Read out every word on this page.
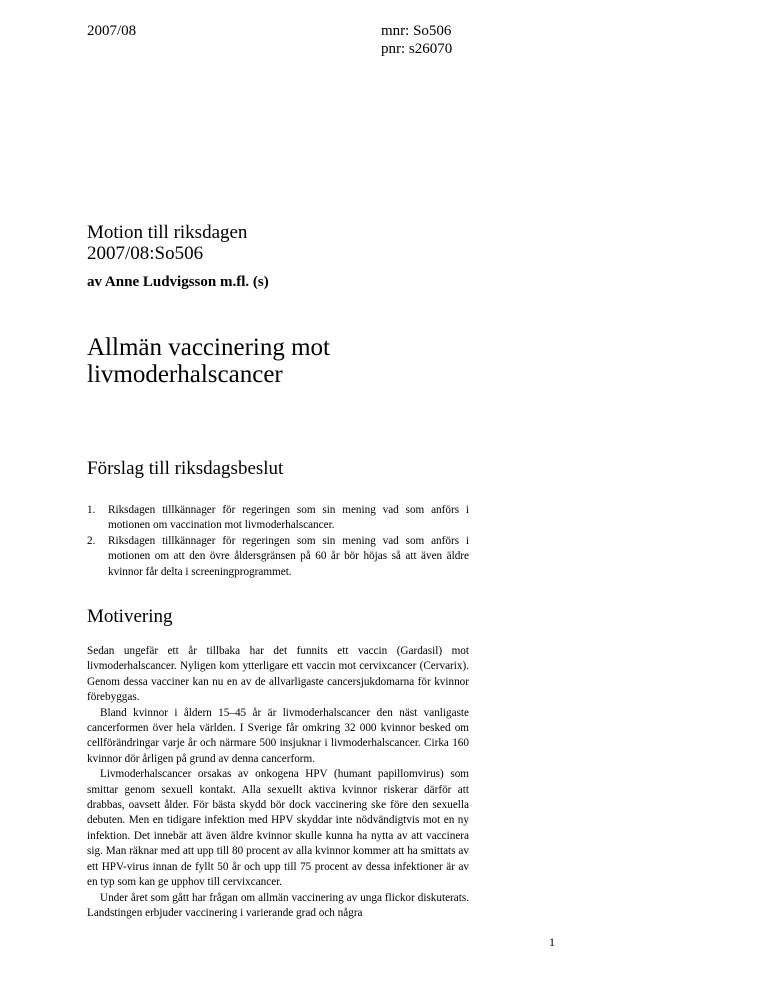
2007/08	mnr: So506
pnr: s26070
Motion till riksdagen
2007/08:So506
av Anne Ludvigsson m.fl. (s)
Allmän vaccinering mot
livmoderhalscancer
Förslag till riksdagsbeslut
1.	Riksdagen tillkännager för regeringen som sin mening vad som anförs i motionen om vaccination mot livmoderhalscancer.
2.	Riksdagen tillkännager för regeringen som sin mening vad som anförs i motionen om att den övre åldersgränsen på 60 år bör höjas så att även äldre kvinnor får delta i screeningprogrammet.
Motivering

Sedan ungefär ett år tillbaka har det funnits ett vaccin (Gardasil) mot livmoderhalscancer. Nyligen kom ytterligare ett vaccin mot cervixcancer (Cervarix). Genom dessa vacciner kan nu en av de allvarligaste cancersjukdomarna för kvinnor förebyggas.

Bland kvinnor i åldern 15–45 år är livmoderhalscancer den näst vanligaste cancerformen över hela världen. I Sverige får omkring 32 000 kvinnor besked om cellförändringar varje år och närmare 500 insjuknar i livmoderhalscancer. Cirka 160 kvinnor dör årligen på grund av denna cancerform.

Livmoderhalscancer orsakas av onkogena HPV (humant papillomvirus) som smittar genom sexuell kontakt. Alla sexuellt aktiva kvinnor riskerar därför att drabbas, oavsett ålder. För bästa skydd bör dock vaccinering ske före den sexuella debuten. Men en tidigare infektion med HPV skyddar inte nödvändigtvis mot en ny infektion. Det innebär att även äldre kvinnor skulle kunna ha nytta av att vaccinera sig. Man räknar med att upp till 80 procent av alla kvinnor kommer att ha smittats av ett HPV-virus innan de fyllt 50 år och upp till 75 procent av dessa infektioner är av en typ som kan ge upphov till cervixcancer.

Under året som gått har frågan om allmän vaccinering av unga flickor diskuterats. Landstingen erbjuder vaccinering i varierande grad och några

1
